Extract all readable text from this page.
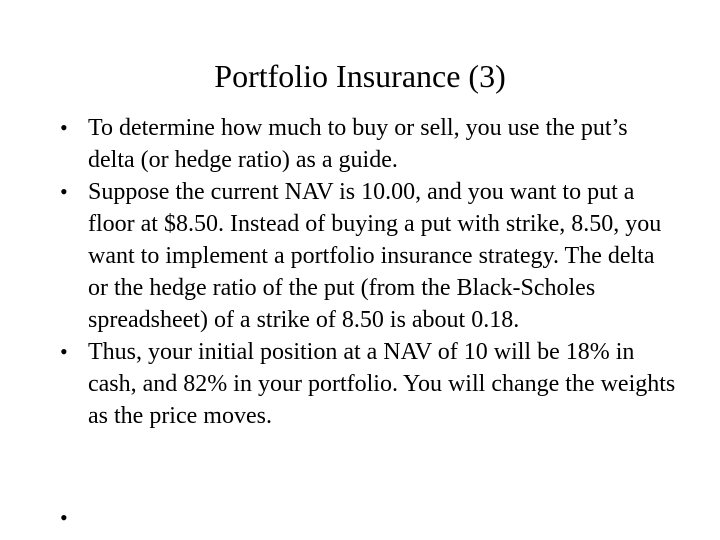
Portfolio Insurance (3)
• To determine how much to buy or sell, you use the put’s delta (or hedge ratio) as a guide.
• Suppose the current NAV is 10.00, and you want to put a floor at $8.50. Instead of buying a put with strike, 8.50, you want to implement a portfolio insurance strategy. The delta or the hedge ratio of the put (from the Black-Scholes spreadsheet) of a strike of 8.50 is about 0.18.
• Thus, your initial position at a NAV of 10 will be 18% in cash, and 82% in your portfolio. You will change the weights as the price moves.
•
